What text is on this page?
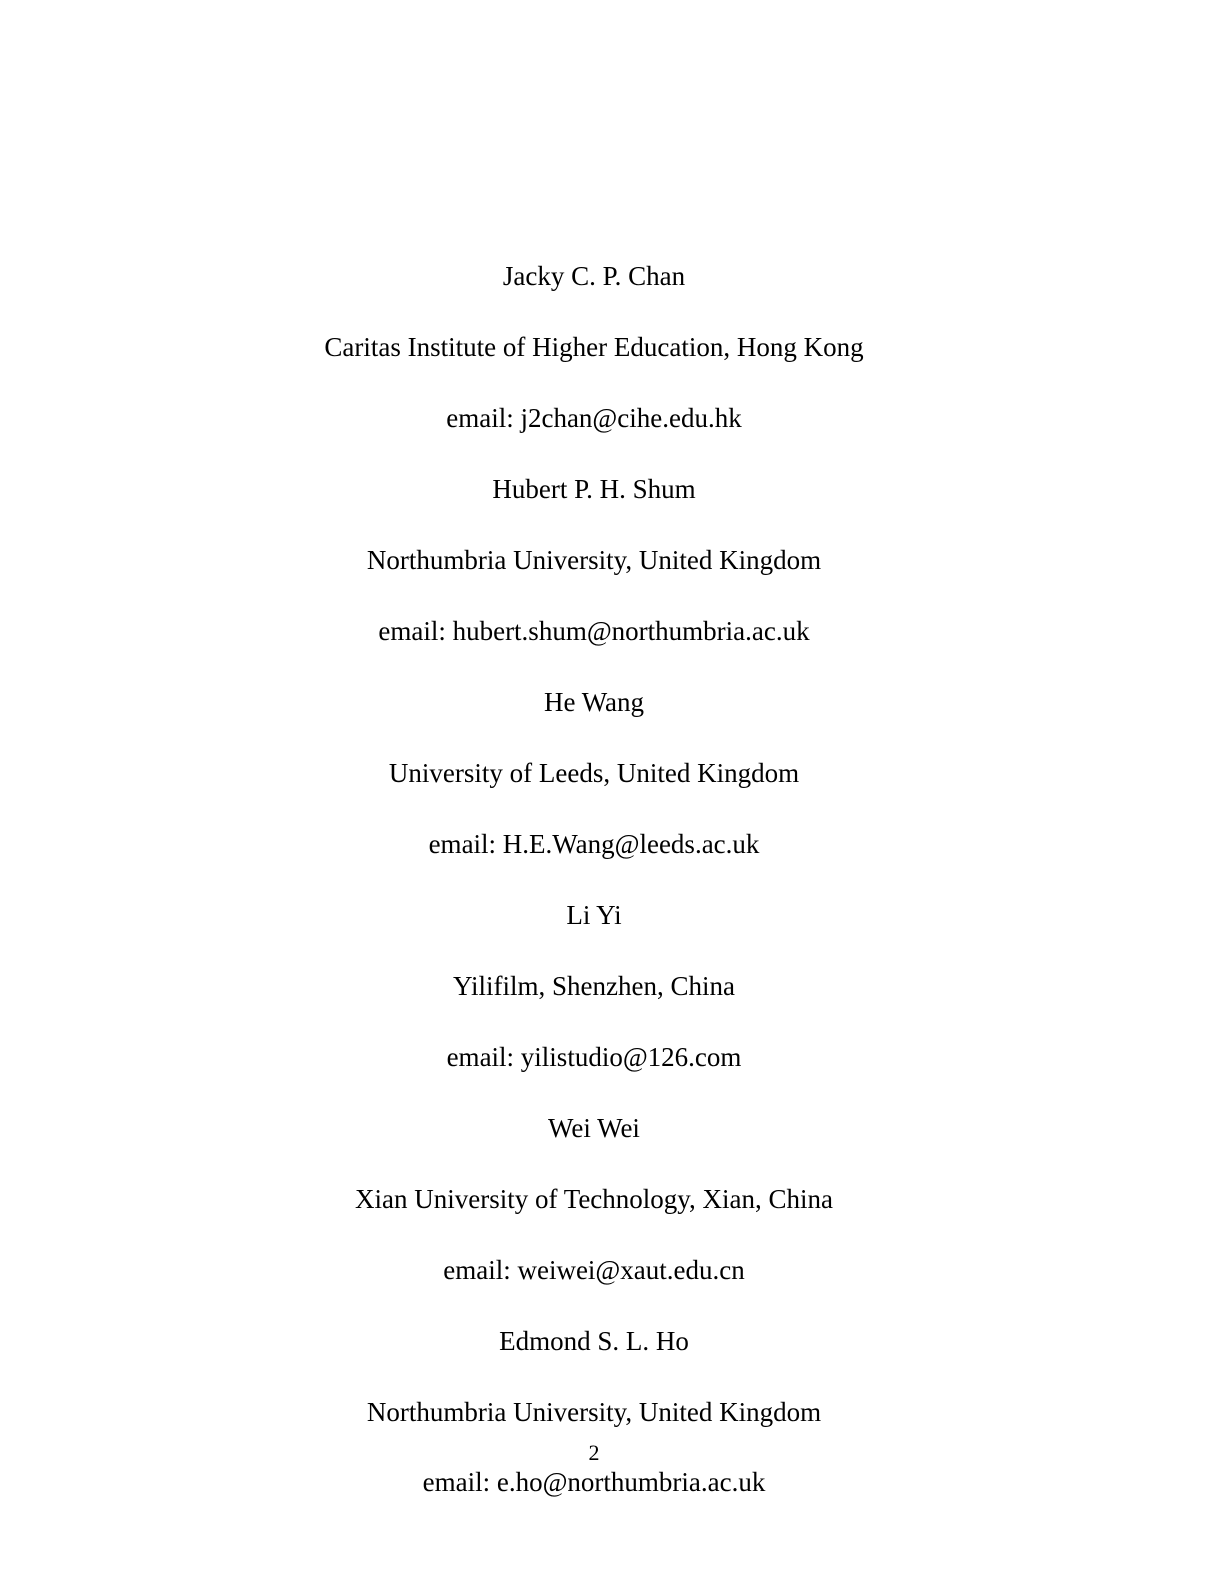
Jacky C. P. Chan
Caritas Institute of Higher Education, Hong Kong
email: j2chan@cihe.edu.hk
Hubert P. H. Shum
Northumbria University, United Kingdom
email: hubert.shum@northumbria.ac.uk
He Wang
University of Leeds, United Kingdom
email: H.E.Wang@leeds.ac.uk
Li Yi
Yilifilm, Shenzhen, China
email: yilistudio@126.com
Wei Wei
Xian University of Technology, Xian, China
email: weiwei@xaut.edu.cn
Edmond S. L. Ho
Northumbria University, United Kingdom
2
email: e.ho@northumbria.ac.uk
